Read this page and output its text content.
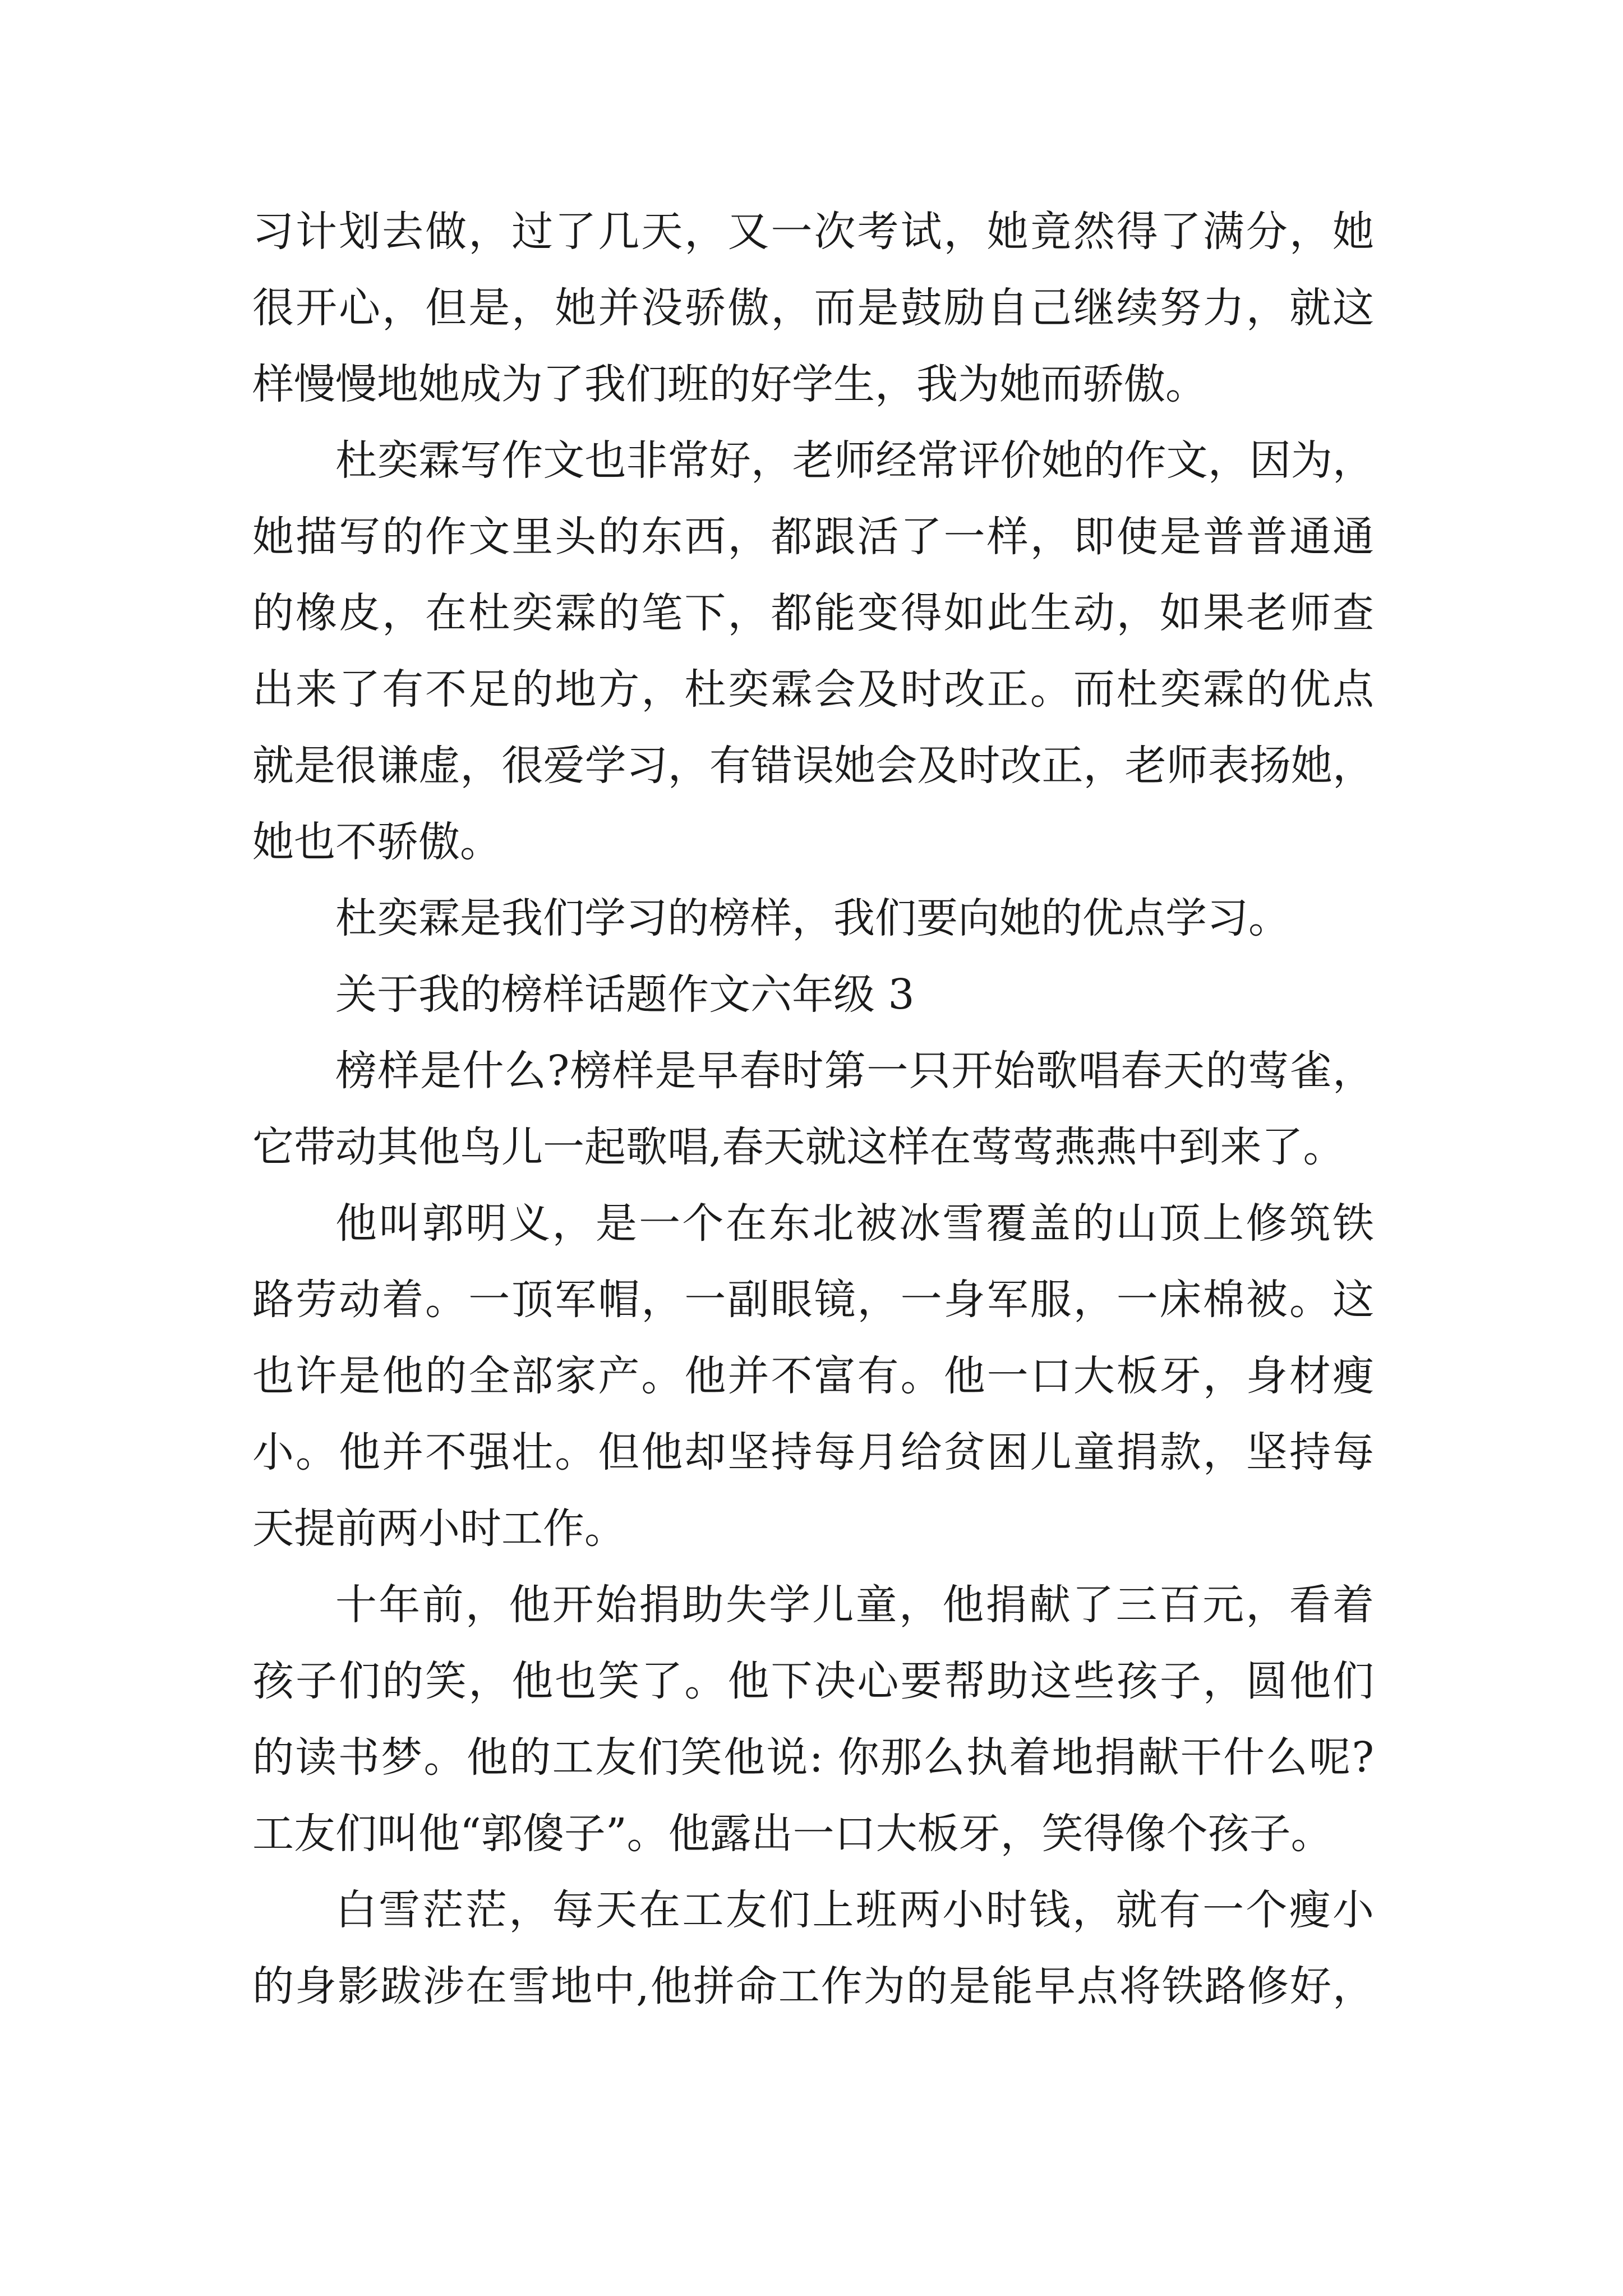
习计划去做，过了几天，又一次考试，她竟然得了满分，她
很开心，但是，她并没骄傲，而是鼓励自己继续努力，就这
样慢慢地她成为了我们班的好学生，我为她而骄傲。
杜奕霖写作文也非常好，老师经常评价她的作文，因为，
她描写的作文里头的东西，都跟活了一样，即使是普普通通
的橡皮，在杜奕霖的笔下，都能变得如此生动，如果老师查
出来了有不足的地方，杜奕霖会及时改正。而杜奕霖的优点
就是很谦虚，很爱学习，有错误她会及时改正，老师表扬她，
她也不骄傲。
杜奕霖是我们学习的榜样，我们要向她的优点学习。
关于我的榜样话题作文六年级 3
榜样是什么?榜样是早春时第一只开始歌唱春天的莺雀，
它带动其他鸟儿一起歌唱,春天就这样在莺莺燕燕中到来了。
他叫郭明义，是一个在东北被冰雪覆盖的山顶上修筑铁
路劳动着。一顶军帽，一副眼镜，一身军服，一床棉被。这
也许是他的全部家产。他并不富有。他一口大板牙，身材瘦
小。他并不强壮。但他却坚持每月给贫困儿童捐款，坚持每
天提前两小时工作。
十年前，他开始捐助失学儿童，他捐献了三百元，看着
孩子们的笑，他也笑了。他下决心要帮助这些孩子，圆他们
的读书梦。他的工友们笑他说: 你那么执着地捐献干什么呢?
工友们叫他“郭傻子”。他露出一口大板牙，笑得像个孩子。
白雪茫茫，每天在工友们上班两小时钱，就有一个瘦小
的身影跋涉在雪地中,他拼命工作为的是能早点将铁路修好，
